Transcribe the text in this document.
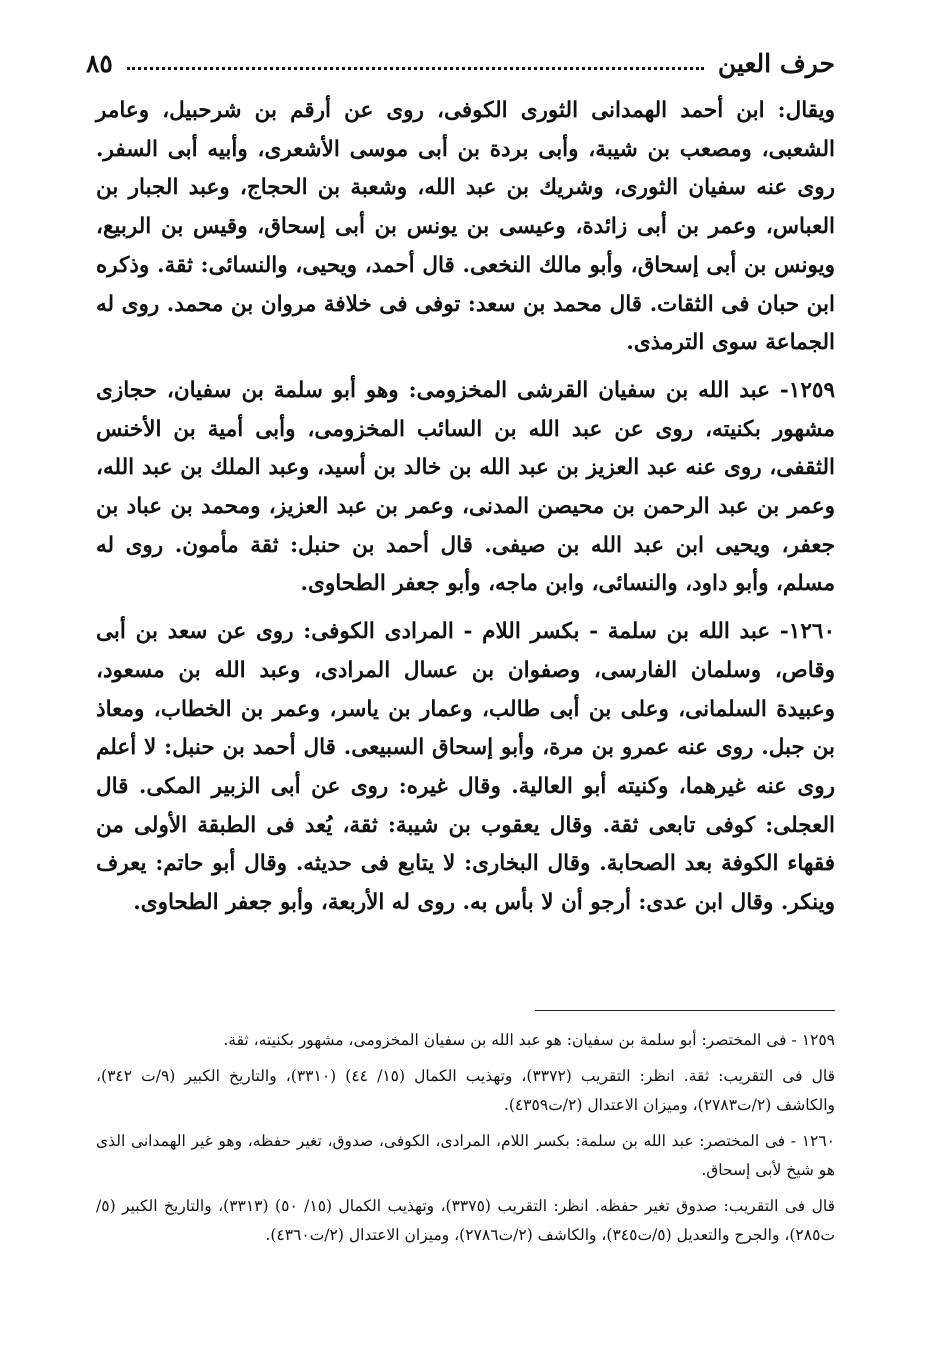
حرف العين
٨٥

ويقال: ابن أحمد الهمدانى الثورى الكوفى، روى عن أرقم بن شرحبيل، وعامر الشعبى، ومصعب بن شيبة، وأبى بردة بن أبى موسى الأشعرى، وأبيه أبى السفر. روى عنه سفيان الثورى، وشريك بن عبد الله، وشعبة بن الحجاج، وعبد الجبار بن العباس، وعمر بن أبى زائدة، وعيسى بن يونس بن أبى إسحاق، وقيس بن الربيع، ويونس بن أبى إسحاق، وأبو مالك النخعى. قال أحمد، ويحيى، والنسائى: ثقة. وذكره ابن حبان فى الثقات. قال محمد بن سعد: توفى فى خلافة مروان بن محمد. روى له الجماعة سوى الترمذى.

١٢٥٩- عبد الله بن سفيان القرشى المخزومى: وهو أبو سلمة بن سفيان، حجازى مشهور بكنيته، روى عن عبد الله بن السائب المخزومى، وأبى أمية بن الأخنس الثقفى، روى عنه عبد العزيز بن عبد الله بن خالد بن أسيد، وعبد الملك بن عبد الله، وعمر بن عبد الرحمن بن محيصن المدنى، وعمر بن عبد العزيز، ومحمد بن عباد بن جعفر، ويحيى ابن عبد الله بن صيفى. قال أحمد بن حنبل: ثقة مأمون. روى له مسلم، وأبو داود، والنسائى، وابن ماجه، وأبو جعفر الطحاوى.

١٢٦٠- عبد الله بن سلمة - بكسر اللام - المرادى الكوفى: روى عن سعد بن أبى وقاص، وسلمان الفارسى، وصفوان بن عسال المرادى، وعبد الله بن مسعود، وعبيدة السلمانى، وعلى بن أبى طالب، وعمار بن ياسر، وعمر بن الخطاب، ومعاذ بن جبل. روى عنه عمرو بن مرة، وأبو إسحاق السبيعى. قال أحمد بن حنبل: لا أعلم روى عنه غيرهما، وكنيته أبو العالية. وقال غيره: روى عن أبى الزبير المكى. قال العجلى: كوفى تابعى ثقة. وقال يعقوب بن شيبة: ثقة، يُعد فى الطبقة الأولى من فقهاء الكوفة بعد الصحابة. وقال البخارى: لا يتابع فى حديثه. وقال أبو حاتم: يعرف وينكر. وقال ابن عدى: أرجو أن لا بأس به. روى له الأربعة، وأبو جعفر الطحاوى.

١٢٥٩ - فى المختصر: أبو سلمة بن سفيان: هو عبد الله بن سفيان المخزومى، مشهور بكنيته، ثقة.

قال فى التقريب: ثقة. انظر: التقريب (٣٣٧٢)، وتهذيب الكمال (١٥/ ٤٤) (٣٣١٠)، والتاريخ الكبير (٩/ت ٣٤٢)، والكاشف (٢/ت٢٧٨٣)، وميزان الاعتدال (٢/ت٤٣٥٩).

١٢٦٠ - فى المختصر: عبد الله بن سلمة: بكسر اللام، المرادى، الكوفى، صدوق، تغير حفظه، وهو غير الهمدانى الذى هو شيخ لأبى إسحاق.

قال فى التقريب: صدوق تغير حفظه. انظر: التقريب (٣٣٧٥)، وتهذيب الكمال (١٥/ ٥٠) (٣٣١٣)، والتاريخ الكبير (٥/ت٢٨٥)، والجرح والتعديل (٥/ت٣٤٥)، والكاشف (٢/ت٢٧٨٦)، وميزان الاعتدال (٢/ت٤٣٦٠).
